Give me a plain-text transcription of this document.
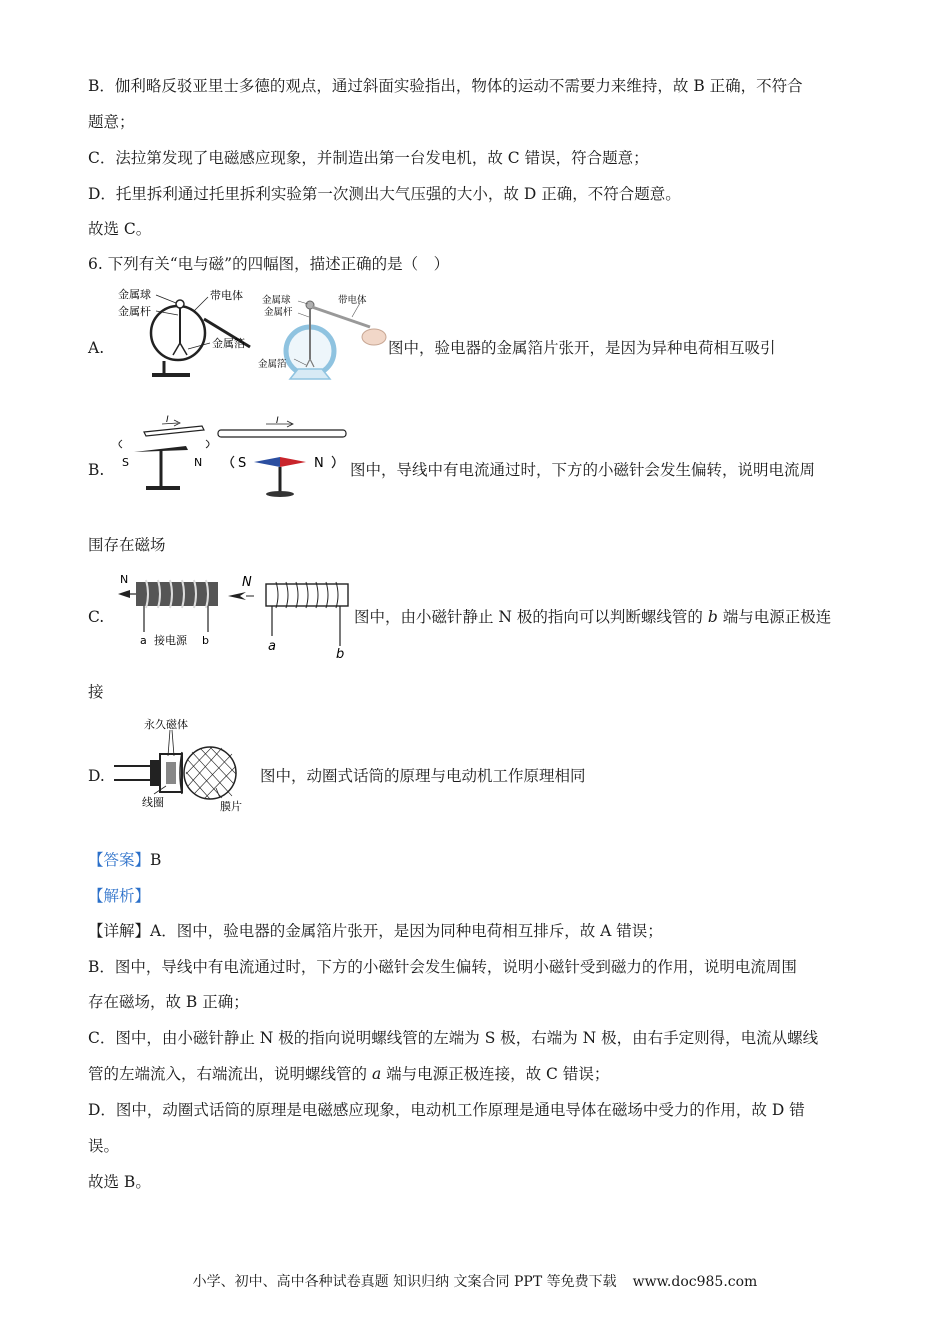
B．伽利略反驳亚里士多德的观点，通过斜面实验指出，物体的运动不需要力来维持，故 B 正确，不符合
题意；
C．法拉第发现了电磁感应现象，并制造出第一台发电机，故 C 错误，符合题意；
D．托里拆利通过托里拆利实验第一次测出大气压强的大小，故 D 正确，不符合题意。
故选 C。
6. 下列有关“电与磁”的四幅图，描述正确的是（　）
A.
金属球
金属杆
带电体
金属箔
金属球
金属杆
带电体
金属箔
图中，验电器的金属箔片张开，是因为异种电荷相互吸引
B.
I
S	N
I
S	N 图中，导线中有电流通过时，下方的小磁针会发生偏转，说明电流周
围存在磁场
C.
N
a 接电源 b
N
a
b
图中，由小磁针静止 N 极的指向可以判断螺线管的 b 端与电源正极连
接
D.
永久磁体
线圈	膜片
图中，动圈式话筒的原理与电动机工作原理相同
【答案】B
【解析】
【详解】A．图中，验电器的金属箔片张开，是因为同种电荷相互排斥，故 A 错误；
B．图中，导线中有电流通过时，下方的小磁针会发生偏转，说明小磁针受到磁力的作用，说明电流周围
存在磁场，故 B 正确；
C．图中，由小磁针静止 N 极的指向说明螺线管的左端为 S 极，右端为 N 极，由右手定则得，电流从螺线
管的左端流入，右端流出，说明螺线管的 a 端与电源正极连接，故 C 错误；
D．图中，动圈式话筒的原理是电磁感应现象，电动机工作原理是通电导体在磁场中受力的作用，故 D 错
误。
故选 B。
小学、初中、高中各种试卷真题 知识归纳 文案合同 PPT 等免费下载 www.doc985.com
